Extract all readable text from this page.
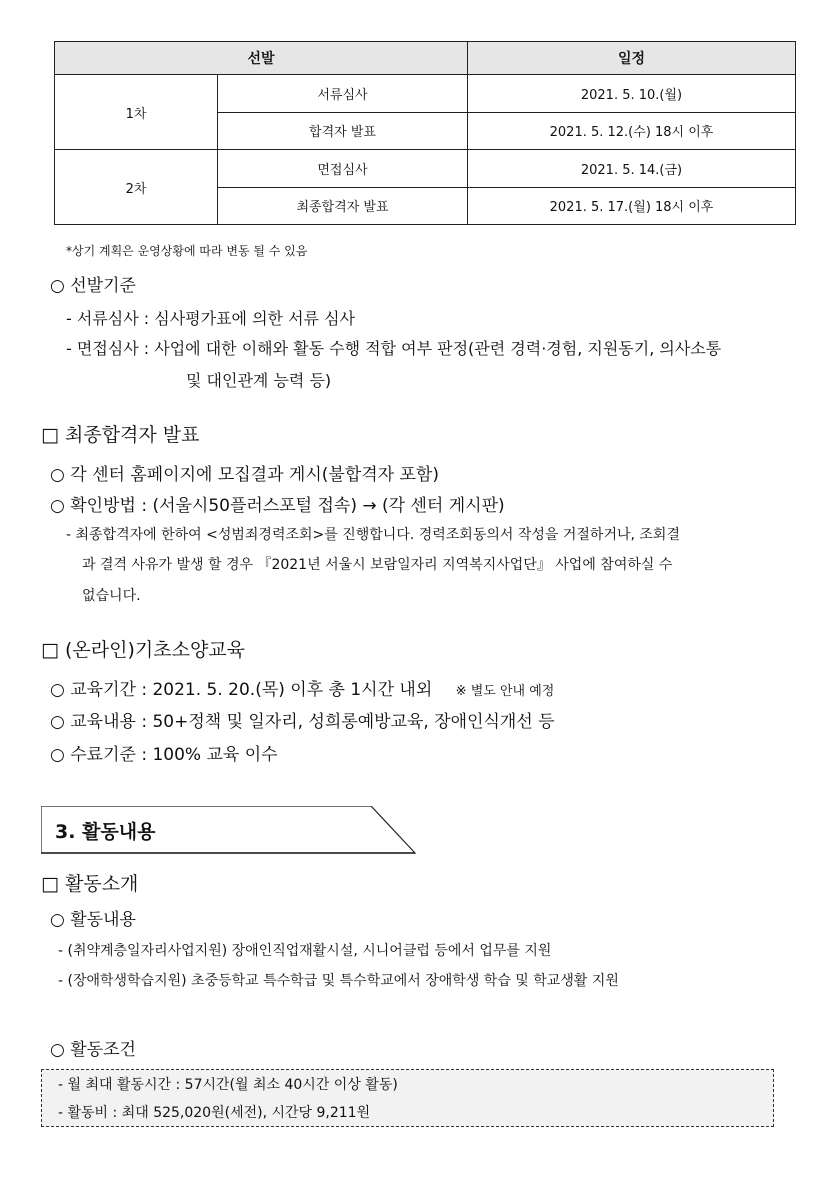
선발		일정
1차	서류심사	2021. 5. 10.(월)
	합격자 발표	2021. 5. 12.(수) 18시 이후
2차	면접심사	2021. 5. 14.(금)
	최종합격자 발표	2021. 5. 17.(월) 18시 이후
*상기 계획은 운영상황에 따라 변동 될 수 있음
○ 선발기준
- 서류심사 : 심사평가표에 의한 서류 심사
- 면접심사 : 사업에 대한 이해와 활동 수행 적합 여부 판정(관련 경력·경험, 지원동기, 의사소통
및 대인관계 능력 등)
□ 최종합격자 발표
○ 각 센터 홈페이지에 모집결과 게시(불합격자 포함)
○ 확인방법 : (서울시50플러스포털 접속) → (각 센터 게시판)
- 최종합격자에 한하여 <성범죄경력조회>를 진행합니다. 경력조회동의서 작성을 거절하거나, 조회결
과 결격 사유가 발생 할 경우 『2021년 서울시 보람일자리 지역복지사업단』 사업에 참여하실 수
없습니다.
□ (온라인)기초소양교육
○ 교육기간 : 2021. 5. 20.(목) 이후 총 1시간 내외 ※ 별도 안내 예정
○ 교육내용 : 50+정책 및 일자리, 성희롱예방교육, 장애인식개선 등
○ 수료기준 : 100% 교육 이수
3. 활동내용
□ 활동소개
○ 활동내용
- (취약계층일자리사업지원) 장애인직업재활시설, 시니어클럽 등에서 업무를 지원
- (장애학생학습지원) 초중등학교 특수학급 및 특수학교에서 장애학생 학습 및 학교생활 지원
○ 활동조건
- 월 최대 활동시간 : 57시간(월 최소 40시간 이상 활동)
- 활동비 : 최대 525,020원(세전), 시간당 9,211원
